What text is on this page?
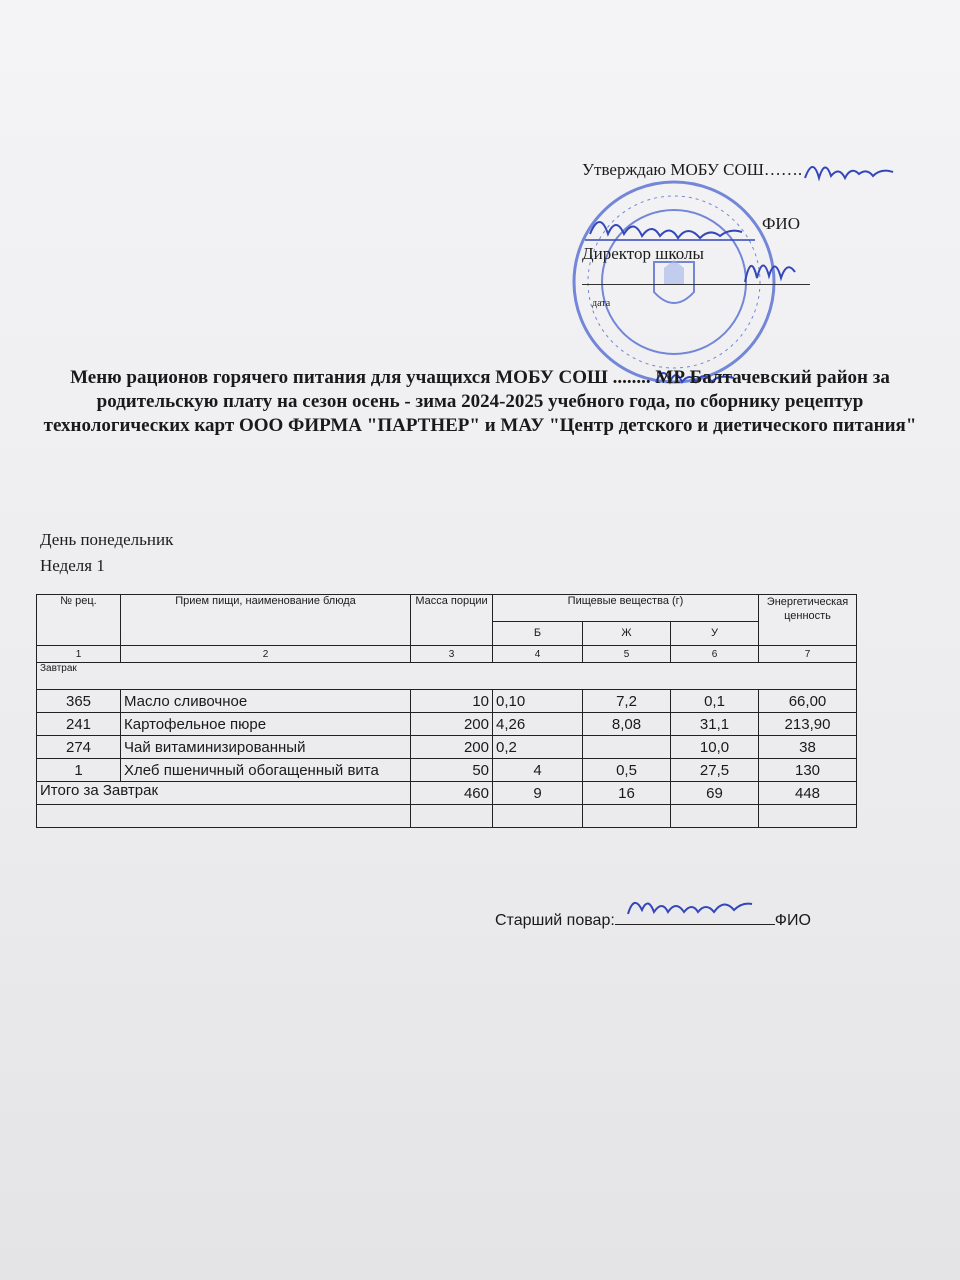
Утверждаю МОБУ СОШ…….
ФИО
Директор школы
дата
Меню рационов горячего питания для учащихся МОБУ СОШ ........ МР Балтачевский район за родительскую плату на сезон осень - зима 2024-2025 учебного года, по сборнику рецептур технологических карт ООО ФИРМА "ПАРТНЕР" и МАУ "Центр детского и диетического питания"
День понедельник
Неделя 1
№ рец.	Прием пищи, наименование блюда	Масса порции	Пищевые вещества (г)			Энергетическая ценность
			Б	Ж	У	
1	2	3	4	5	6	7
Завтрак						
365	Масло сливочное	10	0,10	7,2	0,1	66,00
241	Картофельное пюре	200	4,26	8,08	31,1	213,90
274	Чай витаминизированный	200	0,2		10,0	38
1	Хлеб пшеничный обогащенный вита	50	4	0,5	27,5	130
Итого за Завтрак		460	9	16	69	448

Старший повар:	ФИО
